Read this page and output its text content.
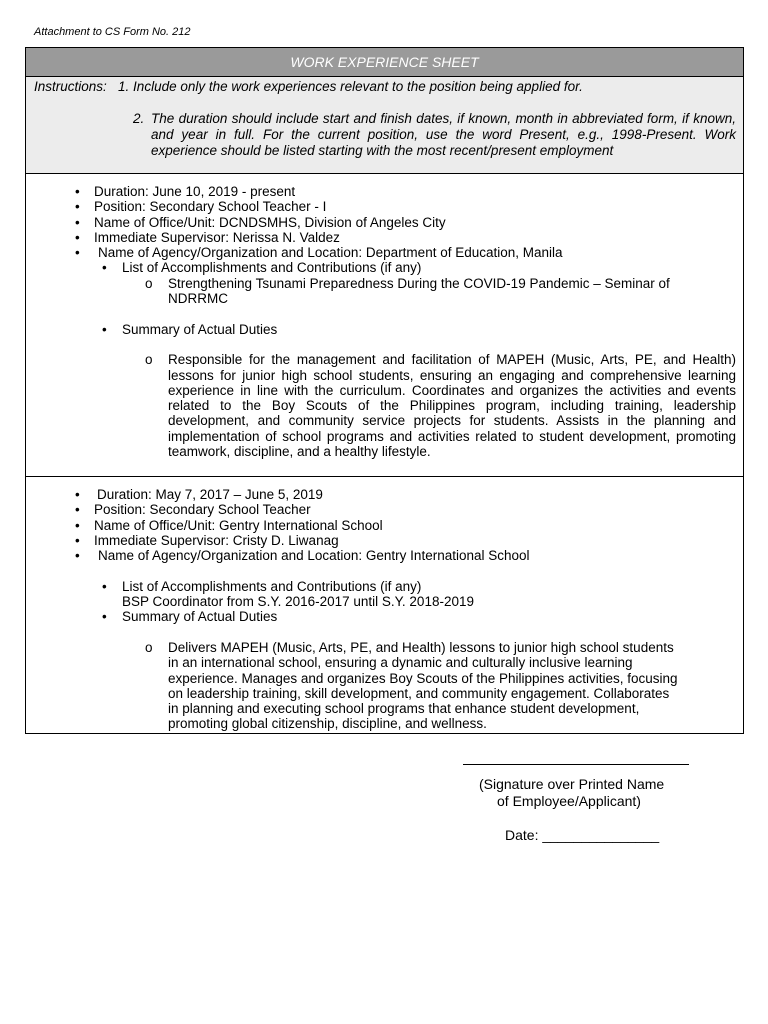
Attachment to CS Form No. 212
WORK EXPERIENCE SHEET
Instructions: 1. Include only the work experiences relevant to the position being applied for.
2. The duration should include start and finish dates, if known, month in abbreviated form, if known, and year in full. For the current position, use the word Present, e.g., 1998-Present. Work experience should be listed starting with the most recent/present employment
• Duration: June 10, 2019 - present
• Position: Secondary School Teacher - I
• Name of Office/Unit: DCNDSMHS, Division of Angeles City
• Immediate Supervisor: Nerissa N. Valdez
• Name of Agency/Organization and Location: Department of Education, Manila
• List of Accomplishments and Contributions (if any)
o Strengthening Tsunami Preparedness During the COVID-19 Pandemic – Seminar of
NDRRMC
• Summary of Actual Duties
o Responsible for the management and facilitation of MAPEH (Music, Arts, PE, and Health) lessons for junior high school students, ensuring an engaging and comprehensive learning experience in line with the curriculum. Coordinates and organizes the activities and events related to the Boy Scouts of the Philippines program, including training, leadership development, and community service projects for students. Assists in the planning and implementation of school programs and activities related to student development, promoting teamwork, discipline, and a healthy lifestyle.
• Duration: May 7, 2017 – June 5, 2019
• Position: Secondary School Teacher
• Name of Office/Unit: Gentry International School
• Immediate Supervisor: Cristy D. Liwanag
• Name of Agency/Organization and Location: Gentry International School
• List of Accomplishments and Contributions (if any)
BSP Coordinator from S.Y. 2016-2017 until S.Y. 2018-2019
• Summary of Actual Duties
o Delivers MAPEH (Music, Arts, PE, and Health) lessons to junior high school students
in an international school, ensuring a dynamic and culturally inclusive learning
experience. Manages and organizes Boy Scouts of the Philippines activities, focusing
on leadership training, skill development, and community engagement. Collaborates
in planning and executing school programs that enhance student development,
promoting global citizenship, discipline, and wellness.
(Signature over Printed Name
of Employee/Applicant)
Date: _______________
